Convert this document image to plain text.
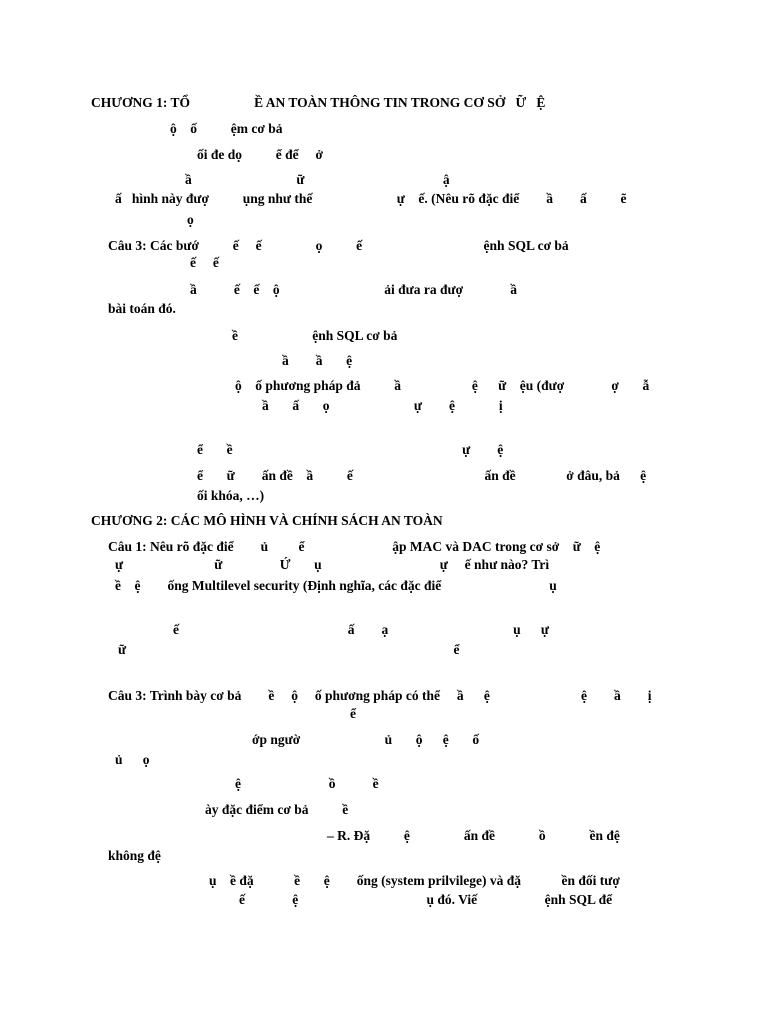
CHƯƠNG 1: TỔ                   Ề AN TOÀN THÔNG TIN TRONG CƠ SỞ   Ữ   Ệ
ộ    ố          ệm cơ bả
ối đe dọ          ể để     ở
ầ                               ữ                                         ậ
ấ   hình này đượ          ụng như thế                         ự    ế. (Nêu rõ đặc điể        ầ        ấ          ẽ
ọ
Câu 3: Các bướ          ế     ế                ọ          ế                                    ệnh SQL cơ bả
ế     ế
ầ           ế    ế    ộ                               ải đưa ra đượ              ầ
bài toán đó.
ề                      ệnh SQL cơ bả
ầ        ầ       ệ
ộ    ố phương pháp đả          ầ                     ệ      ữ    ệu (đượ              ợ       ẫ
ầ       ấ       ọ                         ự        ệ             ị
ể       ề                                                                    ự        ệ
ể       ữ        ấn đề    ầ          ế                                       ấn đề               ở đâu, bả      ệ
ối khóa, …)
CHƯƠNG 2: CÁC MÔ HÌNH VÀ CHÍNH SÁCH AN TOÀN
Câu 1: Nêu rõ đặc điể        ủ         ể                          ập MAC và DAC trong cơ sở    ữ    ệ
ự                           ữ                 Ứ       ụ                                   ự     ế như nào? Trì
ề    ệ        ống Multilevel security (Định nghĩa, các đặc điể                                ụ
ế                                                  ấ        ạ                                     ụ      ự
ữ                                                                                                 ể
Câu 3: Trình bày cơ bả        ề     ộ     ố phương pháp có thể     ầ      ệ                           ệ        ầ        ị
ể
ớp ngườ                         ủ       ộ      ệ       ố
ủ      ọ
ệ                          ồ           ề
ày đặc điểm cơ bả          ề
– R. Đặ          ệ                ấn đề             ồ             ền đệ
không đệ
ụ    ề đặ            ề       ệ        ống (system prilvilege) và đặ            ền đối tượ
ế              ệ                                      ụ đó. Viế                    ệnh SQL để
